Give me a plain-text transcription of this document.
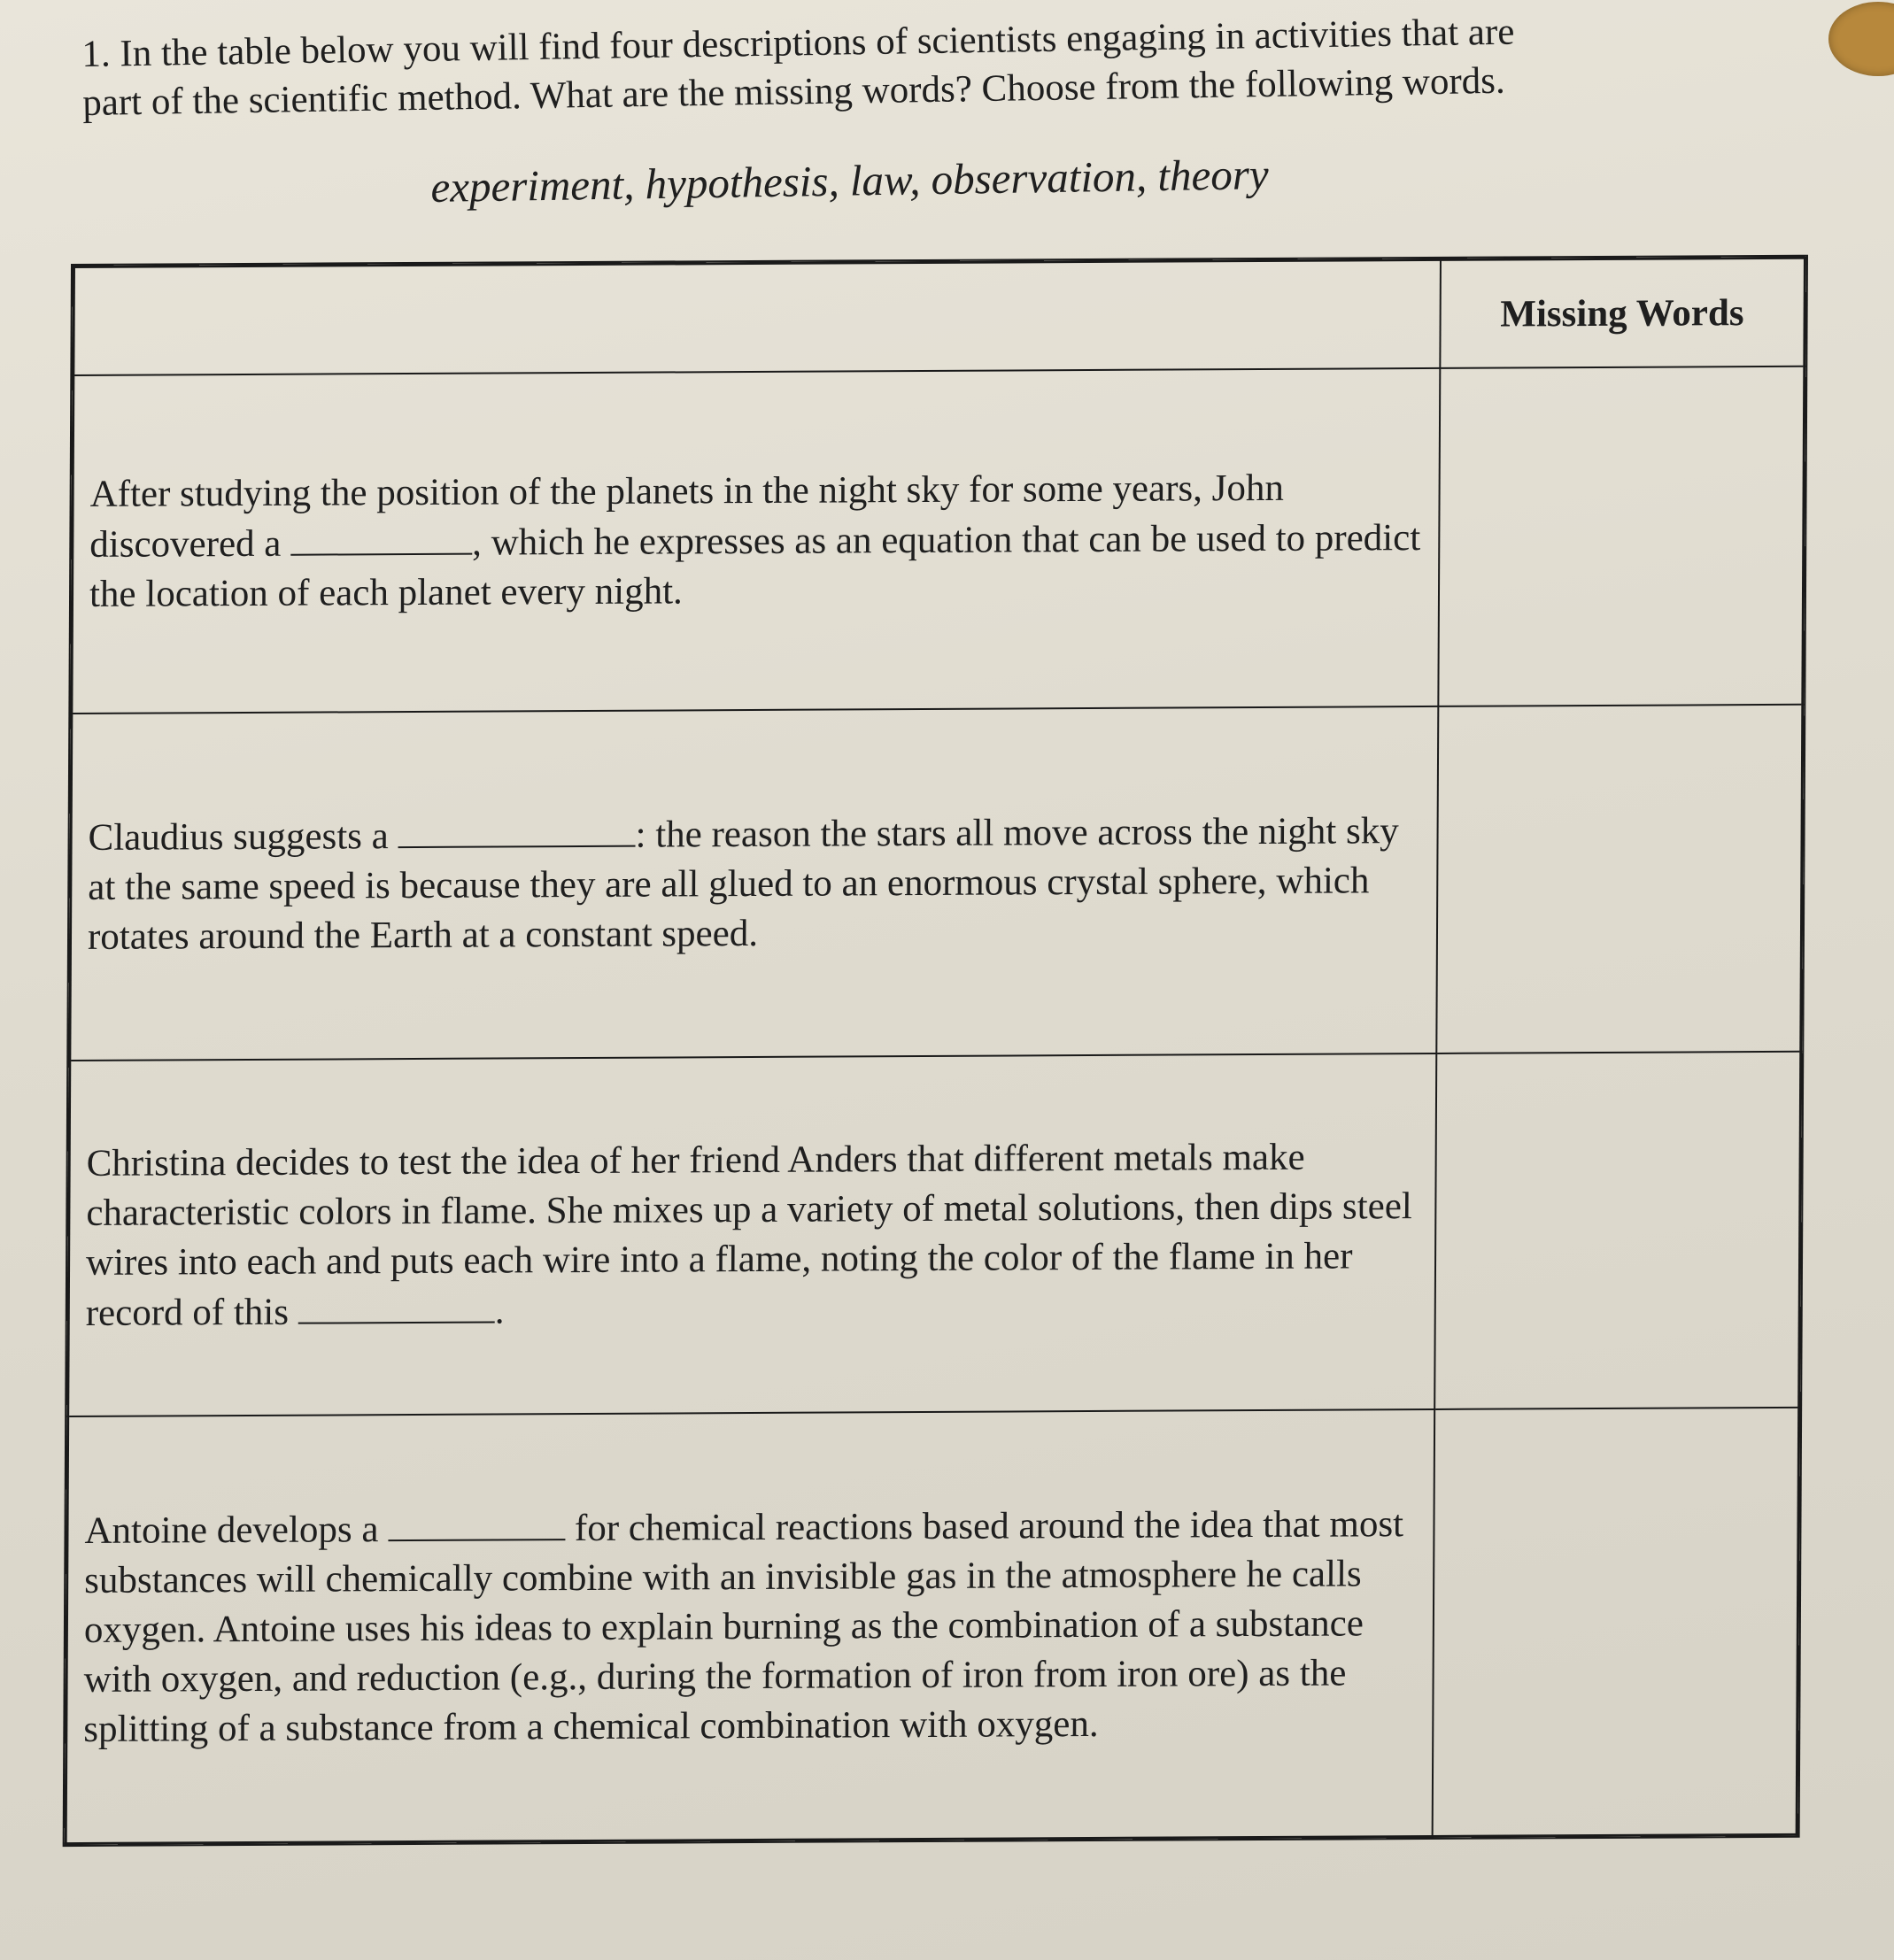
1. In the table below you will find four descriptions of scientists engaging in activities that are
part of the scientific method. What are the missing words? Choose from the following words.
experiment, hypothesis, law, observation, theory
	Missing Words
After studying the position of the planets in the night sky for some years, John discovered a , which he expresses as an equation that can be used to predict the location of each planet every night.	
Claudius suggests a : the reason the stars all move across the night sky at the same speed is because they are all glued to an enormous crystal sphere, which rotates around the Earth at a constant speed.	
Christina decides to test the idea of her friend Anders that different metals make characteristic colors in flame. She mixes up a variety of metal solutions, then dips steel wires into each and puts each wire into a flame, noting the color of the flame in her record of this .	
Antoine develops a for chemical reactions based around the idea that most substances will chemically combine with an invisible gas in the atmosphere he calls oxygen. Antoine uses his ideas to explain burning as the combination of a substance with oxygen, and reduction (e.g., during the formation of iron from iron ore) as the splitting of a substance from a chemical combination with oxygen.	
